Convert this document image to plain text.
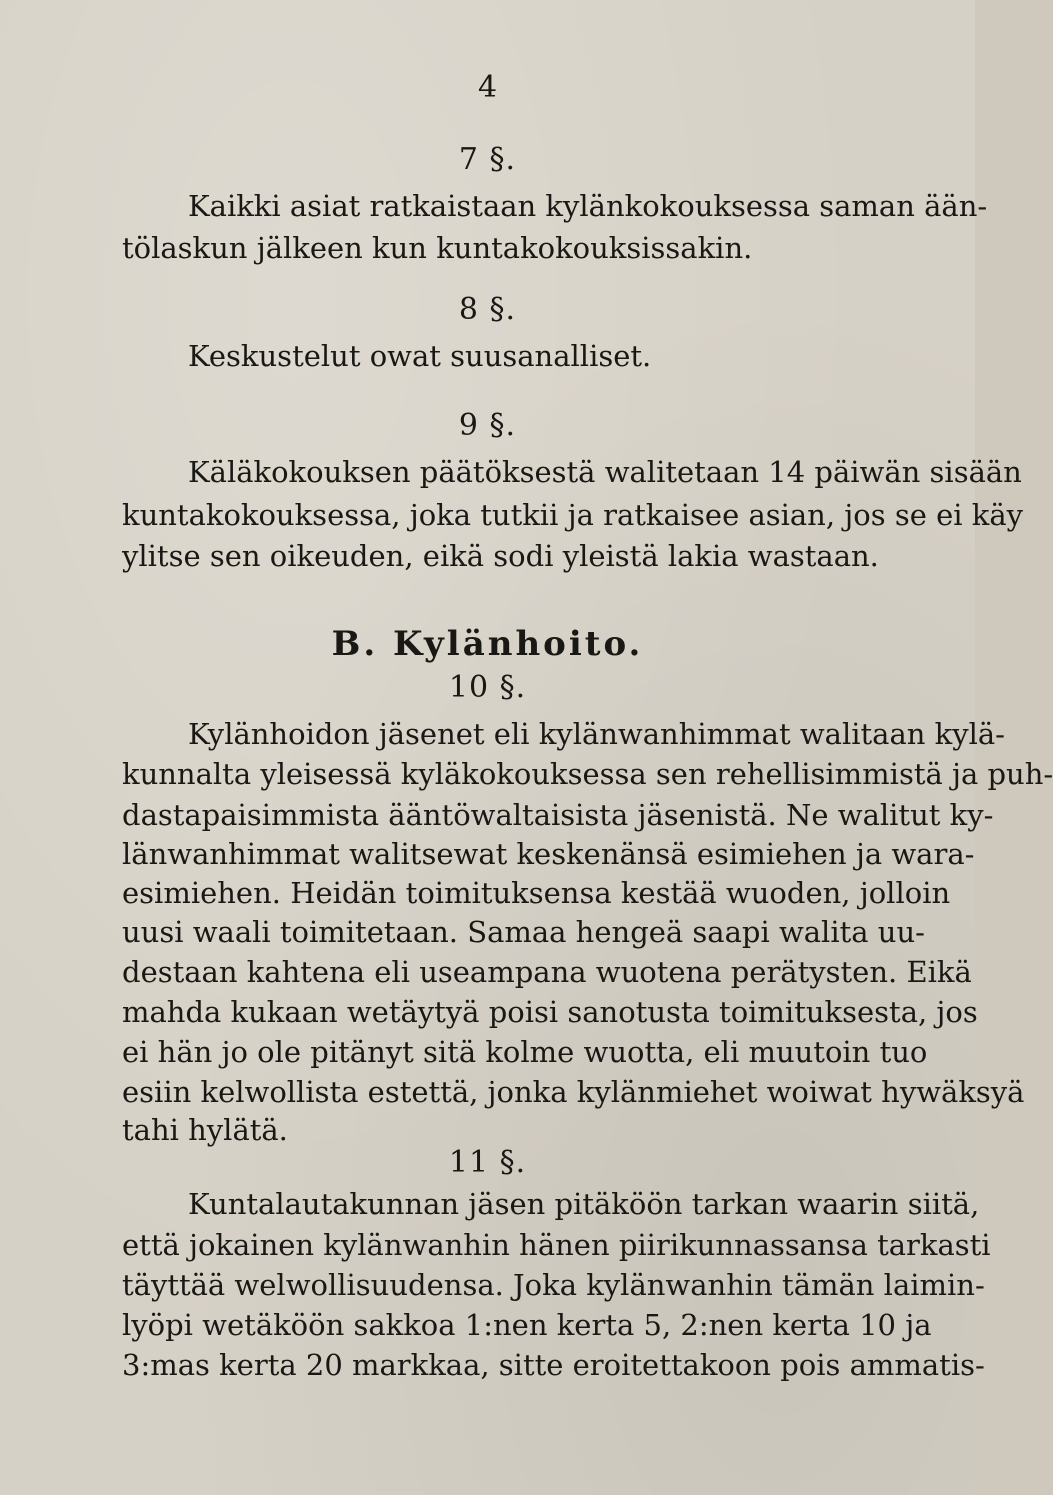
4
7 §.
Kaikki asiat ratkaistaan kylänkokouksessa saman ään-
tölaskun jälkeen kun kuntakokouksissakin.
8 §.
Keskustelut owat suusanalliset.
9 §.
Käläkokouksen päätöksestä walitetaan 14 päiwän sisään
kuntakokouksessa, joka tutkii ja ratkaisee asian, jos se ei käy
ylitse sen oikeuden, eikä sodi yleistä lakia wastaan.
B. Kylänhoito.
10 §.
Kylänhoidon jäsenet eli kylänwanhimmat walitaan kylä-
kunnalta yleisessä kyläkokouksessa sen rehellisimmistä ja puh-
dastapaisimmista ääntöwaltaisista jäsenistä. Ne walitut ky-
länwanhimmat walitsewat keskenänsä esimiehen ja wara-
esimiehen. Heidän toimituksensa kestää wuoden, jolloin
uusi waali toimitetaan. Samaa hengeä saapi walita uu-
destaan kahtena eli useampana wuotena perätysten. Eikä
mahda kukaan wetäytyä poisi sanotusta toimituksesta, jos
ei hän jo ole pitänyt sitä kolme wuotta, eli muutoin tuo
esiin kelwollista estettä, jonka kylänmiehet woiwat hywäksyä
tahi hylätä.
11 §.
Kuntalautakunnan jäsen pitäköön tarkan waarin siitä,
että jokainen kylänwanhin hänen piirikunnassansa tarkasti
täyttää welwollisuudensa. Joka kylänwanhin tämän laimin-
lyöpi wetäköön sakkoa 1:nen kerta 5, 2:nen kerta 10 ja
3:mas kerta 20 markkaa, sitte eroitettakoon pois ammatis-
